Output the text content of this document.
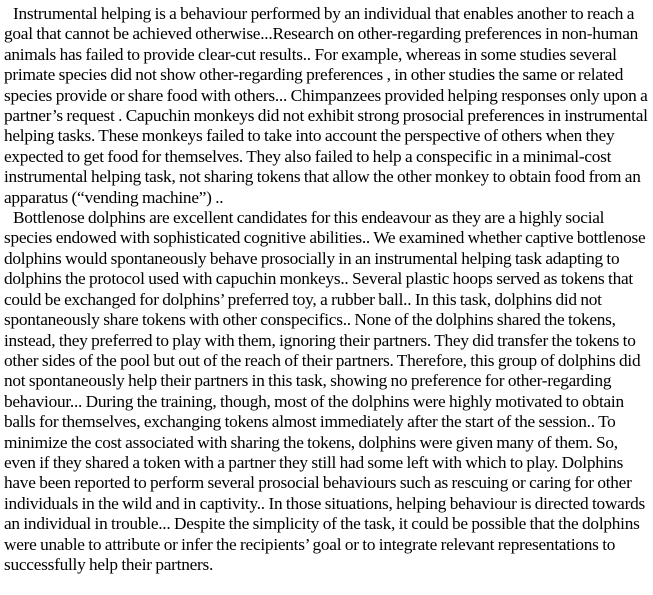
Instrumental helping is a behaviour performed by an individual that enables another to reach a goal that cannot be achieved otherwise...Research on other-regarding preferences in non-human animals has failed to provide clear-cut results.. For example, whereas in some studies several primate species did not show other-regarding preferences , in other studies the same or related species provide or share food with others... Chimpanzees provided helping responses only upon a partner’s request . Capuchin monkeys did not exhibit strong prosocial preferences in instrumental helping tasks. These monkeys failed to take into account the perspective of others when they expected to get food for themselves. They also failed to help a conspecific in a minimal-cost instrumental helping task, not sharing tokens that allow the other monkey to obtain food from an apparatus (“vending machine”) ..

Bottlenose dolphins are excellent candidates for this endeavour as they are a highly social species endowed with sophisticated cognitive abilities.. We examined whether captive bottlenose dolphins would spontaneously behave prosocially in an instrumental helping task adapting to dolphins the protocol used with capuchin monkeys.. Several plastic hoops served as tokens that could be exchanged for dolphins’ preferred toy, a rubber ball.. In this task, dolphins did not spontaneously share tokens with other conspecifics.. None of the dolphins shared the tokens, instead, they preferred to play with them, ignoring their partners. They did transfer the tokens to other sides of the pool but out of the reach of their partners. Therefore, this group of dolphins did not spontaneously help their partners in this task, showing no preference for other-regarding behaviour... During the training, though, most of the dolphins were highly motivated to obtain balls for themselves, exchanging tokens almost immediately after the start of the session.. To minimize the cost associated with sharing the tokens, dolphins were given many of them. So, even if they shared a token with a partner they still had some left with which to play. Dolphins have been reported to perform several prosocial behaviours such as rescuing or caring for other individuals in the wild and in captivity.. In those situations, helping behaviour is directed towards an individual in trouble... Despite the simplicity of the task, it could be possible that the dolphins were unable to attribute or infer the recipients’ goal or to integrate relevant representations to successfully help their partners.
